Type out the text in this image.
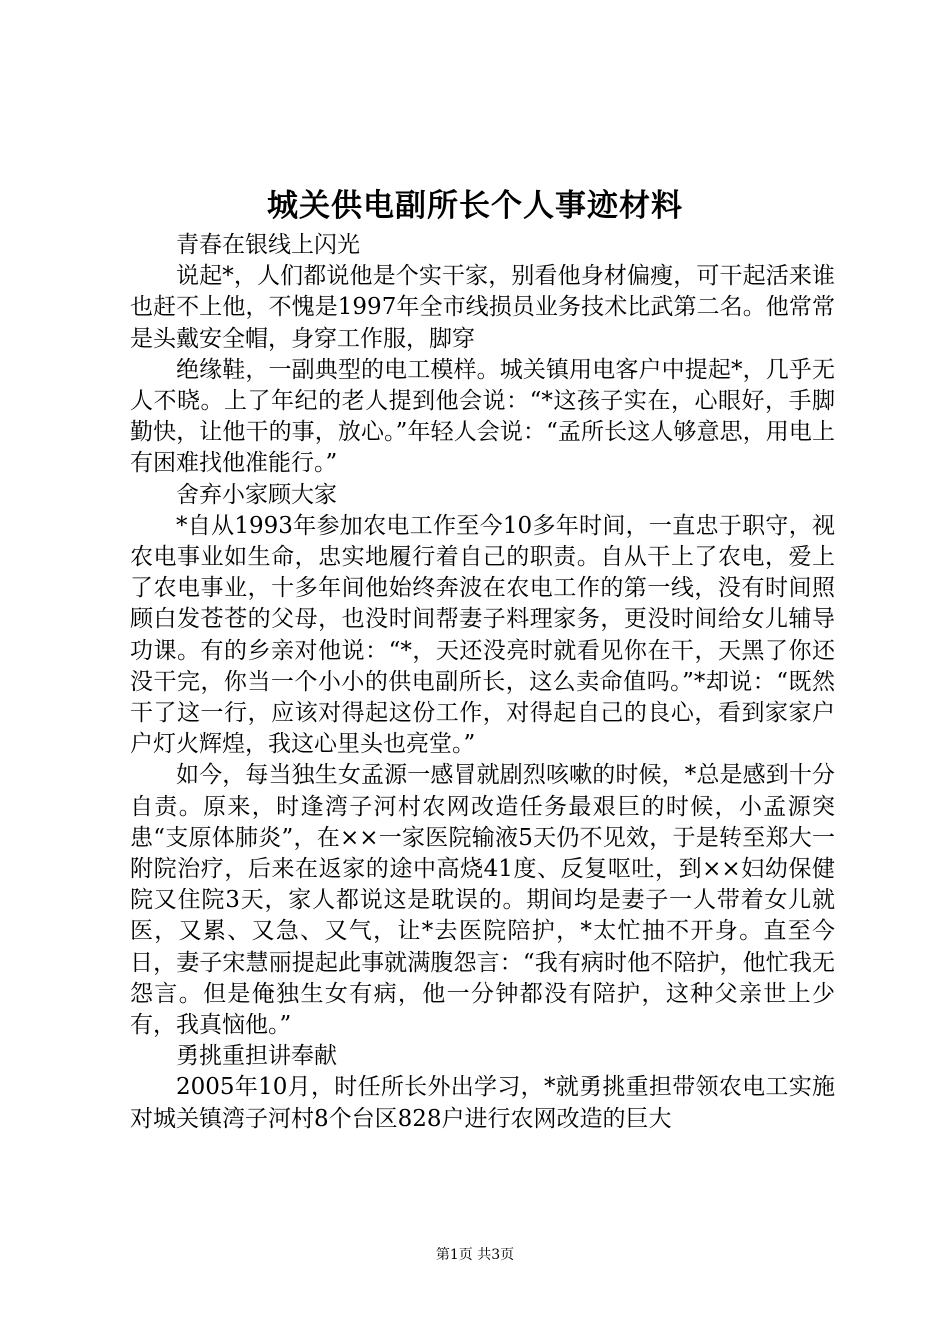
城关供电副所长个人事迹材料

青春在银线上闪光

说起*，人们都说他是个实干家，别看他身材偏瘦，可干起活来谁也赶不上他，不愧是1997年全市线损员业务技术比武第二名。他常常是头戴安全帽，身穿工作服，脚穿

绝缘鞋，一副典型的电工模样。城关镇用电客户中提起*，几乎无人不晓。上了年纪的老人提到他会说：“*这孩子实在，心眼好，手脚勤快，让他干的事，放心。”年轻人会说：“孟所长这人够意思，用电上有困难找他准能行。”

舍弃小家顾大家

*自从1993年参加农电工作至今10多年时间，一直忠于职守，视农电事业如生命，忠实地履行着自己的职责。自从干上了农电，爱上了农电事业，十多年间他始终奔波在农电工作的第一线，没有时间照顾白发苍苍的父母，也没时间帮妻子料理家务，更没时间给女儿辅导功课。有的乡亲对他说：“*，天还没亮时就看见你在干，天黑了你还没干完，你当一个小小的供电副所长，这么卖命值吗。”*却说：“既然干了这一行，应该对得起这份工作，对得起自己的良心，看到家家户户灯火辉煌，我这心里头也亮堂。”

如今，每当独生女孟源一感冒就剧烈咳嗽的时候，*总是感到十分自责。原来，时逢湾子河村农网改造任务最艰巨的时候，小孟源突患“支原体肺炎”，在××一家医院输液5天仍不见效，于是转至郑大一附院治疗，后来在返家的途中高烧41度、反复呕吐，到××妇幼保健院又住院3天，家人都说这是耽误的。期间均是妻子一人带着女儿就医，又累、又急、又气，让*去医院陪护，*太忙抽不开身。直至今日，妻子宋慧丽提起此事就满腹怨言：“我有病时他不陪护，他忙我无怨言。但是俺独生女有病，他一分钟都没有陪护，这种父亲世上少有，我真恼他。”

勇挑重担讲奉献

2005年10月，时任所长外出学习，*就勇挑重担带领农电工实施对城关镇湾子河村8个台区828户进行农网改造的巨大

第1页 共3页
